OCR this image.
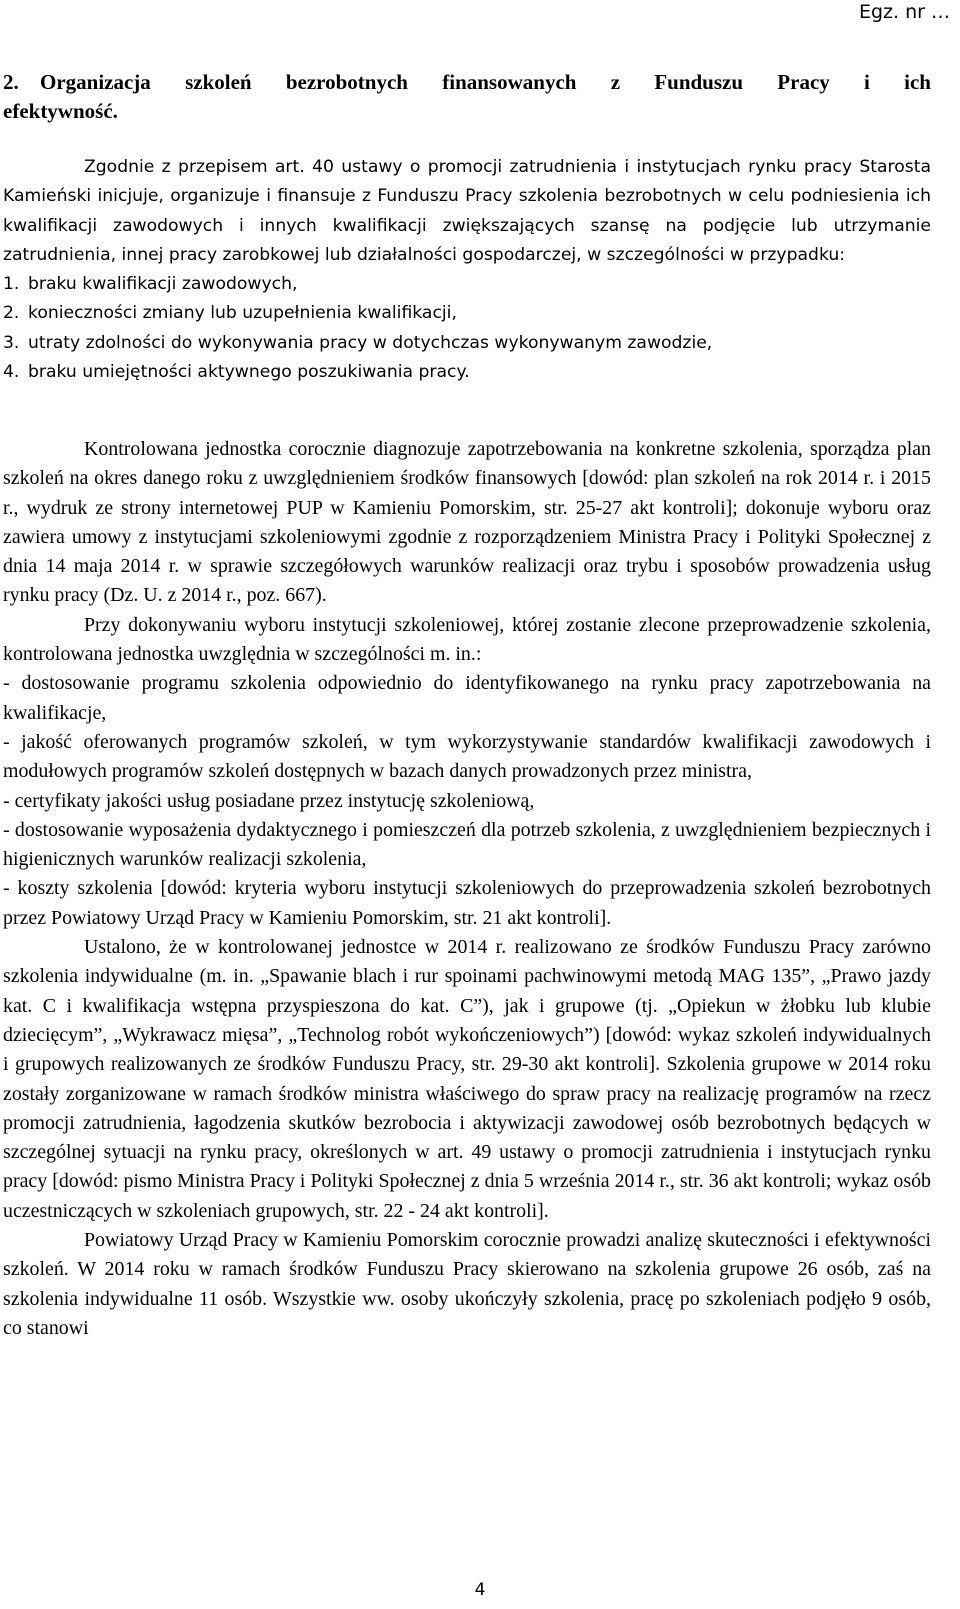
Egz. nr …
2. Organizacja szkoleń bezrobotnych finansowanych z Funduszu Pracy i ich
efektywność.

Zgodnie z przepisem art. 40 ustawy o promocji zatrudnienia i instytucjach rynku pracy Starosta Kamieński inicjuje, organizuje i finansuje z Funduszu Pracy szkolenia bezrobotnych w celu podniesienia ich kwalifikacji zawodowych i innych kwalifikacji zwiększających szansę na podjęcie lub utrzymanie zatrudnienia, innej pracy zarobkowej lub działalności gospodarczej, w szczególności w przypadku:

1. braku kwalifikacji zawodowych,
2. konieczności zmiany lub uzupełnienia kwalifikacji,
3. utraty zdolności do wykonywania pracy w dotychczas wykonywanym zawodzie,
4. braku umiejętności aktywnego poszukiwania pracy.

Kontrolowana jednostka corocznie diagnozuje zapotrzebowania na konkretne szkolenia, sporządza plan szkoleń na okres danego roku z uwzględnieniem środków finansowych [dowód: plan szkoleń na rok 2014 r. i 2015 r., wydruk ze strony internetowej PUP w Kamieniu Pomorskim, str. 25-27 akt kontroli]; dokonuje wyboru oraz zawiera umowy z instytucjami szkoleniowymi zgodnie z rozporządzeniem Ministra Pracy i Polityki Społecznej z dnia 14 maja 2014 r. w sprawie szczegółowych warunków realizacji oraz trybu i sposobów prowadzenia usług rynku pracy (Dz. U. z 2014 r., poz. 667).

Przy dokonywaniu wyboru instytucji szkoleniowej, której zostanie zlecone przeprowadzenie szkolenia, kontrolowana jednostka uwzględnia w szczególności m. in.:

- dostosowanie programu szkolenia odpowiednio do identyfikowanego na rynku pracy zapotrzebowania na kwalifikacje,

- jakość oferowanych programów szkoleń, w tym wykorzystywanie standardów kwalifikacji zawodowych i modułowych programów szkoleń dostępnych w bazach danych prowadzonych przez ministra,

- certyfikaty jakości usług posiadane przez instytucję szkoleniową,

- dostosowanie wyposażenia dydaktycznego i pomieszczeń dla potrzeb szkolenia, z uwzględnieniem bezpiecznych i higienicznych warunków realizacji szkolenia,

- koszty szkolenia [dowód: kryteria wyboru instytucji szkoleniowych do przeprowadzenia szkoleń bezrobotnych przez Powiatowy Urząd Pracy w Kamieniu Pomorskim, str. 21 akt kontroli].

Ustalono, że w kontrolowanej jednostce w 2014 r. realizowano ze środków Funduszu Pracy zarówno szkolenia indywidualne (m. in. „Spawanie blach i rur spoinami pachwinowymi metodą MAG 135”, „Prawo jazdy kat. C i kwalifikacja wstępna przyspieszona do kat. C”), jak i grupowe (tj. „Opiekun w żłobku lub klubie dziecięcym”, „Wykrawacz mięsa”, „Technolog robót wykończeniowych”) [dowód: wykaz szkoleń indywidualnych i grupowych realizowanych ze środków Funduszu Pracy, str. 29-30 akt kontroli]. Szkolenia grupowe w 2014 roku zostały zorganizowane w ramach środków ministra właściwego do spraw pracy na realizację programów na rzecz promocji zatrudnienia, łagodzenia skutków bezrobocia i aktywizacji zawodowej osób bezrobotnych będących w szczególnej sytuacji na rynku pracy, określonych w art. 49 ustawy o promocji zatrudnienia i instytucjach rynku pracy [dowód: pismo Ministra Pracy i Polityki Społecznej z dnia 5 września 2014 r., str. 36 akt kontroli; wykaz osób uczestniczących w szkoleniach grupowych, str. 22 - 24 akt kontroli].

Powiatowy Urząd Pracy w Kamieniu Pomorskim corocznie prowadzi analizę skuteczności i efektywności szkoleń. W 2014 roku w ramach środków Funduszu Pracy skierowano na szkolenia grupowe 26 osób, zaś na szkolenia indywidualne 11 osób. Wszystkie ww. osoby ukończyły szkolenia, pracę po szkoleniach podjęło 9 osób, co stanowi

4
